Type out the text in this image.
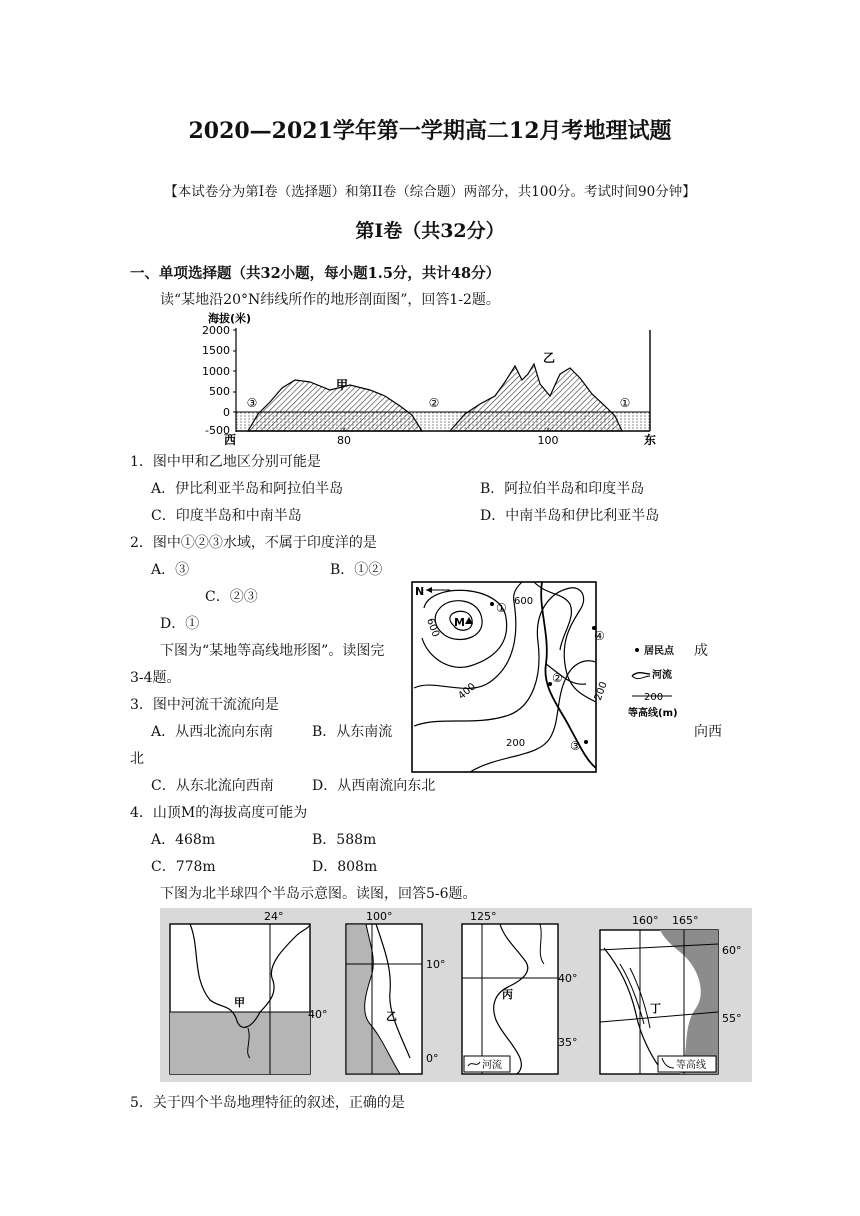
2020—2021学年第一学期高二12月考地理试题
【本试卷分为第I卷（选择题）和第II卷（综合题）两部分，共100分。考试时间90分钟】
第I卷（共32分）
一、单项选择题（共32小题，每小题1.5分，共计48分）
读“某地沿20°N纬线所作的地形剖面图”，回答1-2题。
海拔(米)
2000
1500
1000
500
0
-500
80	100
西	东
甲
乙
③	②	①
1．图中甲和乙地区分别可能是
A．伊比利亚半岛和阿拉伯半岛	B．阿拉伯半岛和印度半岛
C．印度半岛和中南半岛	D．中南半岛和伊比利亚半岛
2．图中①②③水域，不属于印度洋的是
A．③	B．①②
C．②③
D．①
下图为“某地等高线地形图”。读图完	成
3-4题。
N
M
600
600
400
200
200
①
②
③
④
居民点
河流
200
等高线(m)
3．图中河流干流流向是
A．从西北流向东南	B．从东南流	向西
北
C．从东北流向西南	D．从西南流向东北
4．山顶M的海拔高度可能为
A．468m	B．588m
C．778m	D．808m
下图为北半球四个半岛示意图。读图，回答5-6题。
24°
40°
甲
100°
10°
0°
乙
125°
40°
35°
丙
河流
160° 165°
60°
55°
丁
等高线
5．关于四个半岛地理特征的叙述，正确的是
